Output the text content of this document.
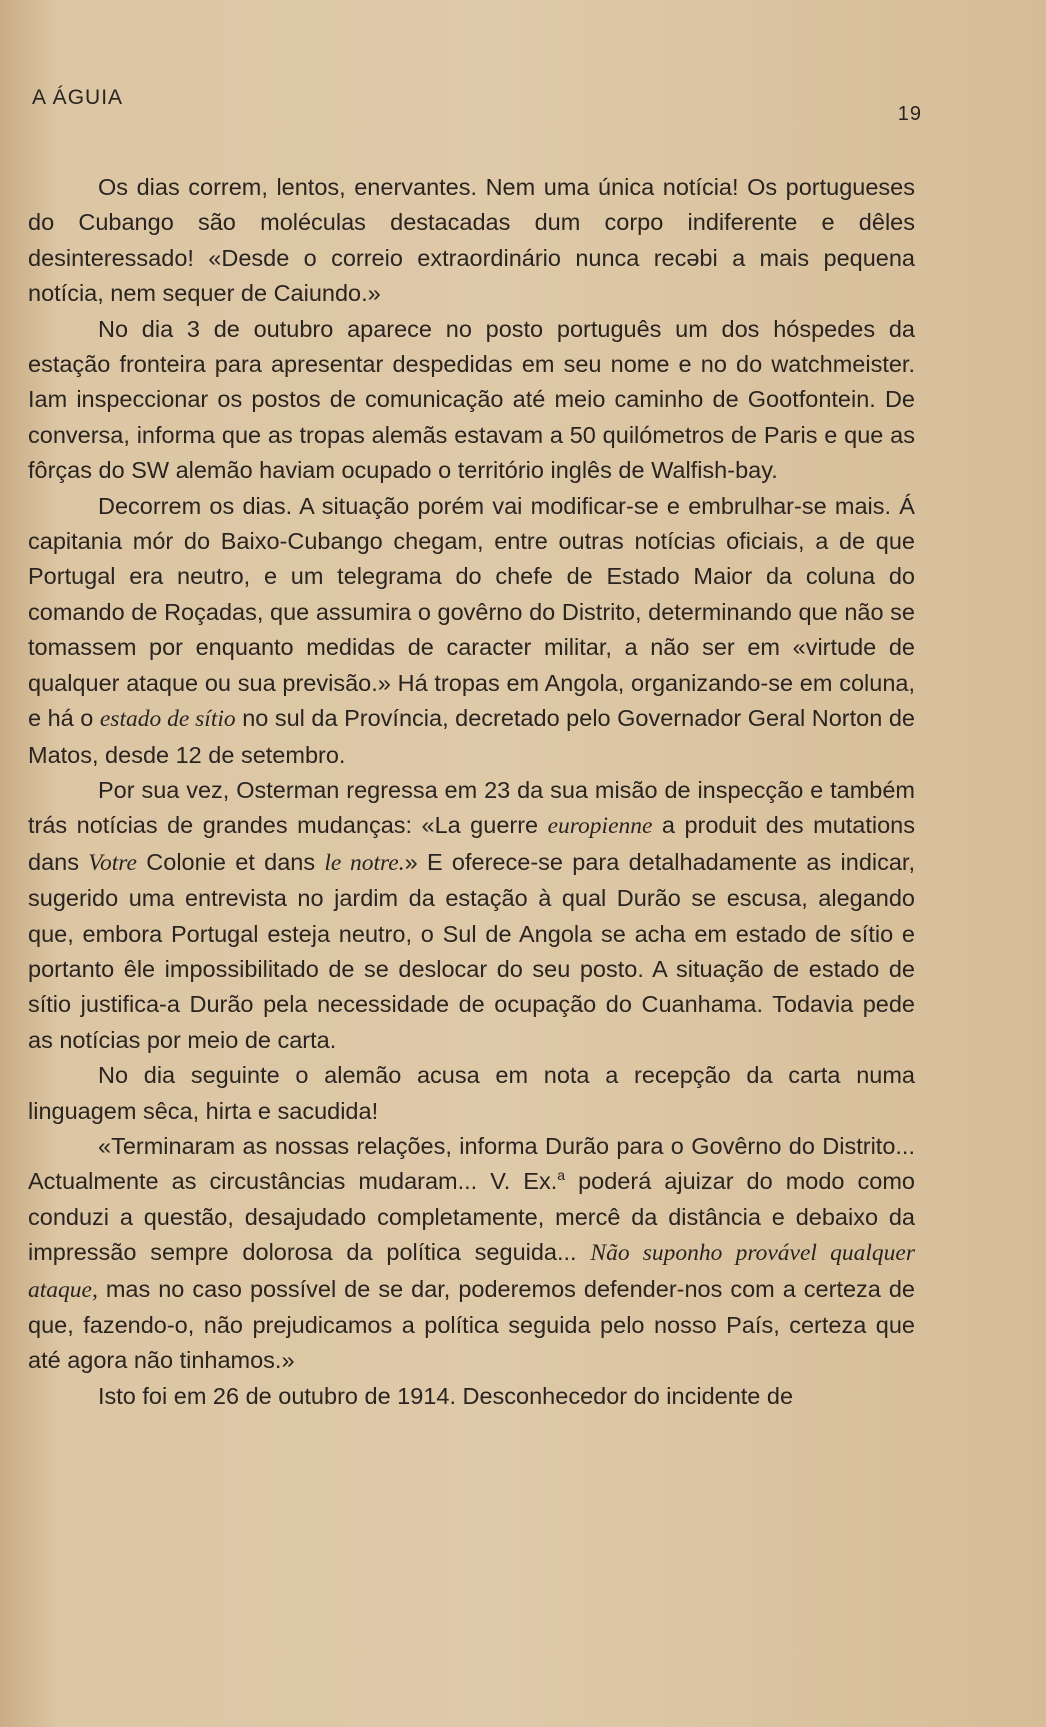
A ÁGUIA
19

Os dias correm, lentos, enervantes. Nem uma única notícia! Os portugueses do Cubango são moléculas destacadas dum corpo indiferente e dêles desinteressado! «Desde o correio extraordinário nunca recəbi a mais pequena notícia, nem sequer de Caiundo.»

No dia 3 de outubro aparece no posto português um dos hóspedes da estação fronteira para apresentar despedidas em seu nome e no do watchmeister. Iam inspeccionar os postos de comunicação até meio caminho de Gootfontein. De conversa, informa que as tropas alemãs estavam a 50 quilómetros de Paris e que as fôrças do SW alemão haviam ocupado o território inglês de Walfish-bay.

Decorrem os dias. A situação porém vai modificar-se e embrulhar-se mais. Á capitania mór do Baixo-Cubango chegam, entre outras notícias oficiais, a de que Portugal era neutro, e um telegrama do chefe de Estado Maior da coluna do comando de Roçadas, que assumira o govêrno do Distrito, determinando que não se tomassem por enquanto medidas de caracter militar, a não ser em «virtude de qualquer ataque ou sua previsão.» Há tropas em Angola, organizando-se em coluna, e há o estado de sítio no sul da Província, decretado pelo Governador Geral Norton de Matos, desde 12 de setembro.

Por sua vez, Osterman regressa em 23 da sua misão de inspecção e também trás notícias de grandes mudanças: «La guerre europienne a produit des mutations dans Votre Colonie et dans le notre.» E oferece-se para detalhadamente as indicar, sugerido uma entrevista no jardim da estação à qual Durão se escusa, alegando que, embora Portugal esteja neutro, o Sul de Angola se acha em estado de sítio e portanto êle impossibilitado de se deslocar do seu posto. A situação de estado de sítio justifica-a Durão pela necessidade de ocupação do Cuanhama. Todavia pede as notícias por meio de carta.

No dia seguinte o alemão acusa em nota a recepção da carta numa linguagem sêca, hirta e sacudida!

«Terminaram as nossas relações, informa Durão para o Govêrno do Distrito... Actualmente as circustâncias mudaram... V. Ex.$^a$ poderá ajuizar do modo como conduzi a questão, desajudado completamente, mercê da distância e debaixo da impressão sempre dolorosa da política seguida... Não suponho provável qualquer ataque, mas no caso possível de se dar, poderemos defender-nos com a certeza de que, fazendo-o, não prejudicamos a política seguida pelo nosso País, certeza que até agora não tinhamos.»

Isto foi em 26 de outubro de 1914. Desconhecedor do incidente de
